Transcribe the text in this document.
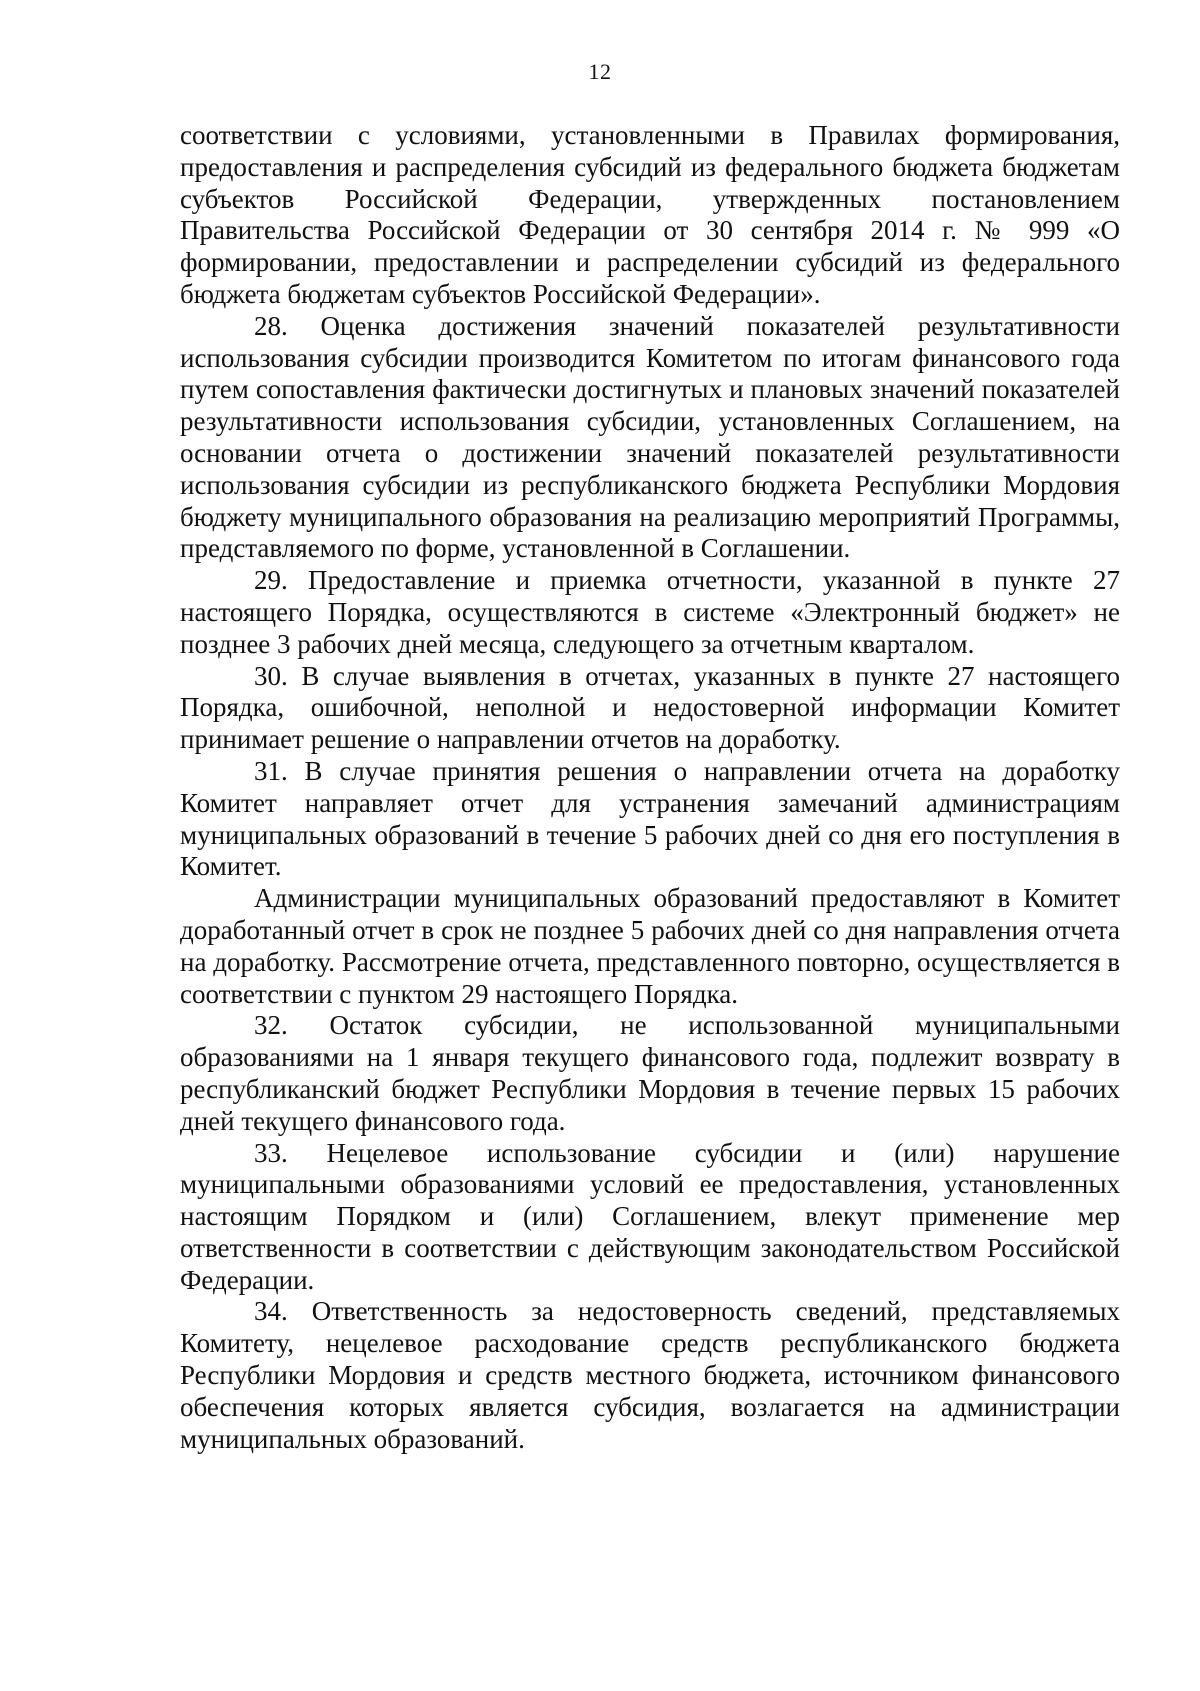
12

соответствии с условиями, установленными в Правилах формирования, предоставления и распределения субсидий из федерального бюджета бюджетам субъектов Российской Федерации, утвержденных постановлением Правительства Российской Федерации от 30 сентября 2014 г. № 999 «О формировании, предоставлении и распределении субсидий из федерального бюджета бюджетам субъектов Российской Федерации».

28. Оценка достижения значений показателей результативности использования субсидии производится Комитетом по итогам финансового года путем сопоставления фактически достигнутых и плановых значений показателей результативности использования субсидии, установленных Соглашением, на основании отчета о достижении значений показателей результативности использования субсидии из республиканского бюджета Республики Мордовия бюджету муниципального образования на реализацию мероприятий Программы, представляемого по форме, установленной в Соглашении.

29. Предоставление и приемка отчетности, указанной в пункте 27 настоящего Порядка, осуществляются в системе «Электронный бюджет» не позднее 3 рабочих дней месяца, следующего за отчетным кварталом.

30. В случае выявления в отчетах, указанных в пункте 27 настоящего Порядка, ошибочной, неполной и недостоверной информации Комитет принимает решение о направлении отчетов на доработку.

31. В случае принятия решения о направлении отчета на доработку Комитет направляет отчет для устранения замечаний администрациям муниципальных образований в течение 5 рабочих дней со дня его поступления в Комитет.

Администрации муниципальных образований предоставляют в Комитет доработанный отчет в срок не позднее 5 рабочих дней со дня направления отчета на доработку. Рассмотрение отчета, представленного повторно, осуществляется в соответствии с пунктом 29 настоящего Порядка.

32. Остаток субсидии, не использованной муниципальными образованиями на 1 января текущего финансового года, подлежит возврату в республиканский бюджет Республики Мордовия в течение первых 15 рабочих дней текущего финансового года.

33. Нецелевое использование субсидии и (или) нарушение муниципальными образованиями условий ее предоставления, установленных настоящим Порядком и (или) Соглашением, влекут применение мер ответственности в соответствии с действующим законодательством Российской Федерации.

34. Ответственность за недостоверность сведений, представляемых Комитету, нецелевое расходование средств республиканского бюджета Республики Мордовия и средств местного бюджета, источником финансового обеспечения которых является субсидия, возлагается на администрации муниципальных образований.
